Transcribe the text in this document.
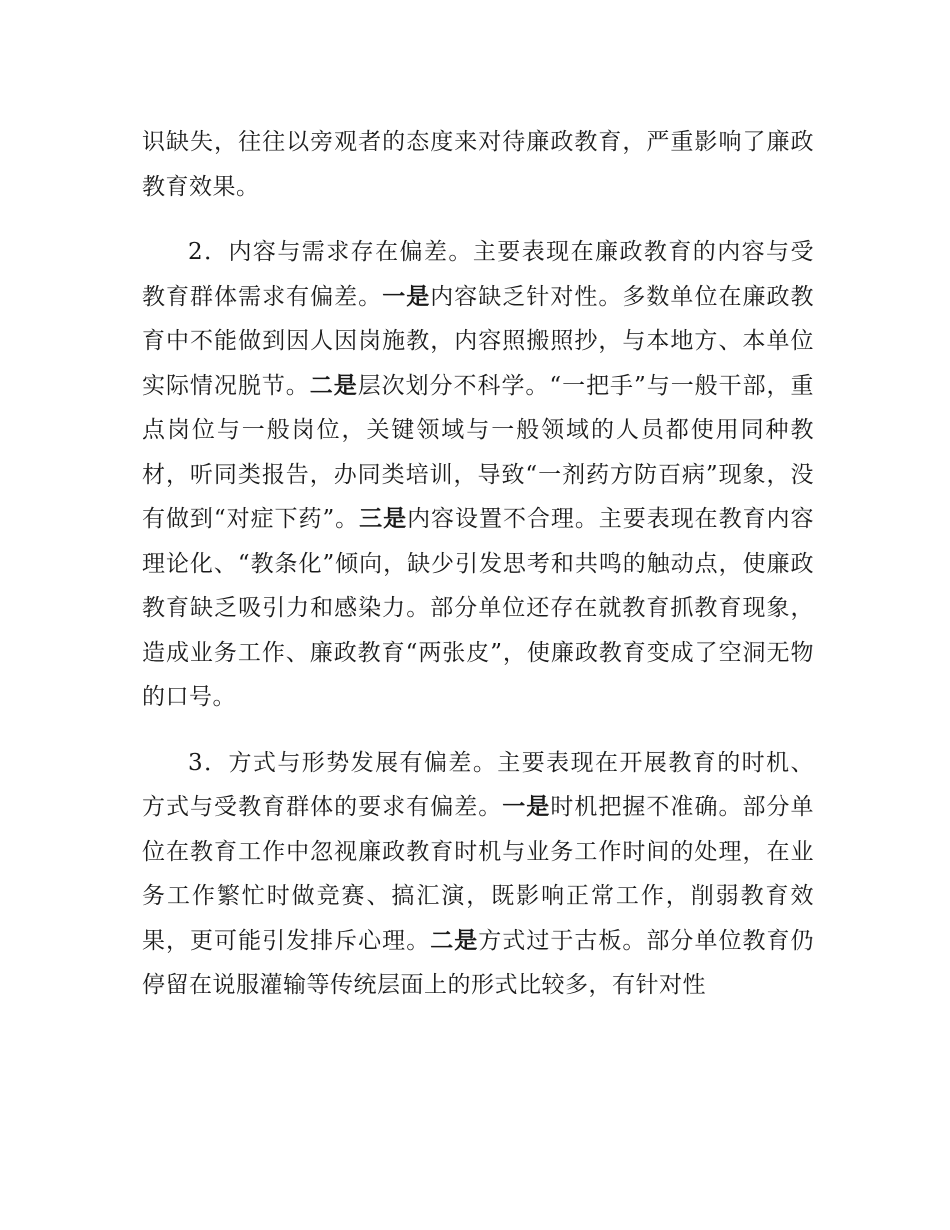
识缺失，往往以旁观者的态度来对待廉政教育，严重影响了廉政教育效果。

2．内容与需求存在偏差。主要表现在廉政教育的内容与受教育群体需求有偏差。一是内容缺乏针对性。多数单位在廉政教育中不能做到因人因岗施教，内容照搬照抄，与本地方、本单位实际情况脱节。二是层次划分不科学。“一把手”与一般干部，重点岗位与一般岗位，关键领域与一般领域的人员都使用同种教材，听同类报告，办同类培训，导致“一剂药方防百病”现象，没有做到“对症下药”。三是内容设置不合理。主要表现在教育内容理论化、“教条化”倾向，缺少引发思考和共鸣的触动点，使廉政教育缺乏吸引力和感染力。部分单位还存在就教育抓教育现象，造成业务工作、廉政教育“两张皮”，使廉政教育变成了空洞无物的口号。

3．方式与形势发展有偏差。主要表现在开展教育的时机、方式与受教育群体的要求有偏差。一是时机把握不准确。部分单位在教育工作中忽视廉政教育时机与业务工作时间的处理，在业务工作繁忙时做竞赛、搞汇演，既影响正常工作，削弱教育效果，更可能引发排斥心理。二是方式过于古板。部分单位教育仍停留在说服灌输等传统层面上的形式比较多，有针对性
